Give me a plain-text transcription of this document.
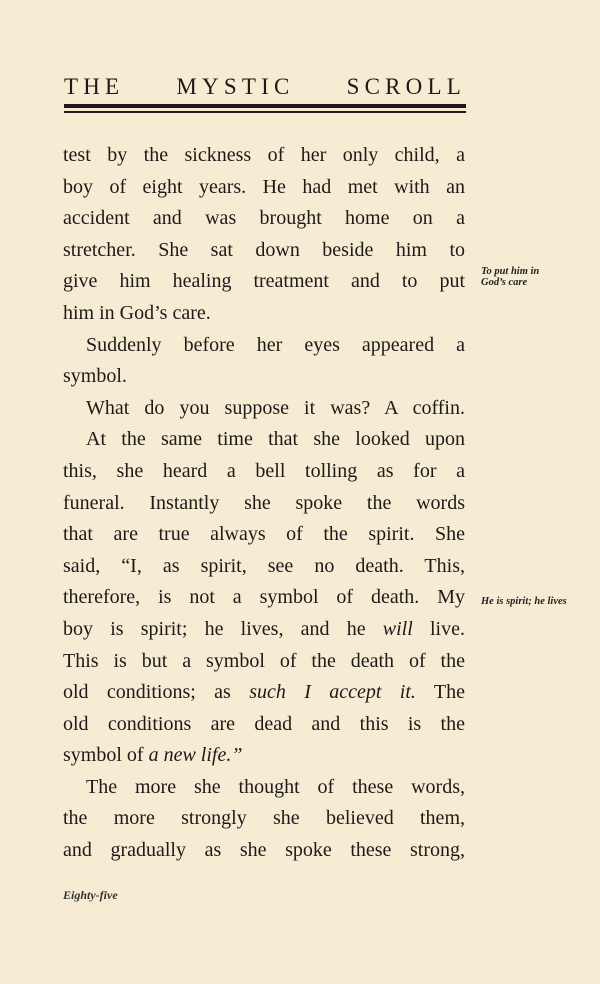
THE MYSTIC SCROLL
test by the sickness of her only child, a
boy of eight years. He had met with an
accident and was brought home on a
stretcher. She sat down beside him to
give him healing treatment and to put
him in God’s care.
Suddenly before her eyes appeared a
symbol.
What do you suppose it was? A coffin.
At the same time that she looked upon
this, she heard a bell tolling as for a
funeral. Instantly she spoke the words
that are true always of the spirit. She
said, “I, as spirit, see no death. This,
therefore, is not a symbol of death. My
boy is spirit; he lives, and he will live.
This is but a symbol of the death of the
old conditions; as such I accept it. The
old conditions are dead and this is the
symbol of a new life.”
The more she thought of these words,
the more strongly she believed them,
and gradually as she spoke these strong,
To put him in
God’s care
He is spirit; he lives
Eighty-five
